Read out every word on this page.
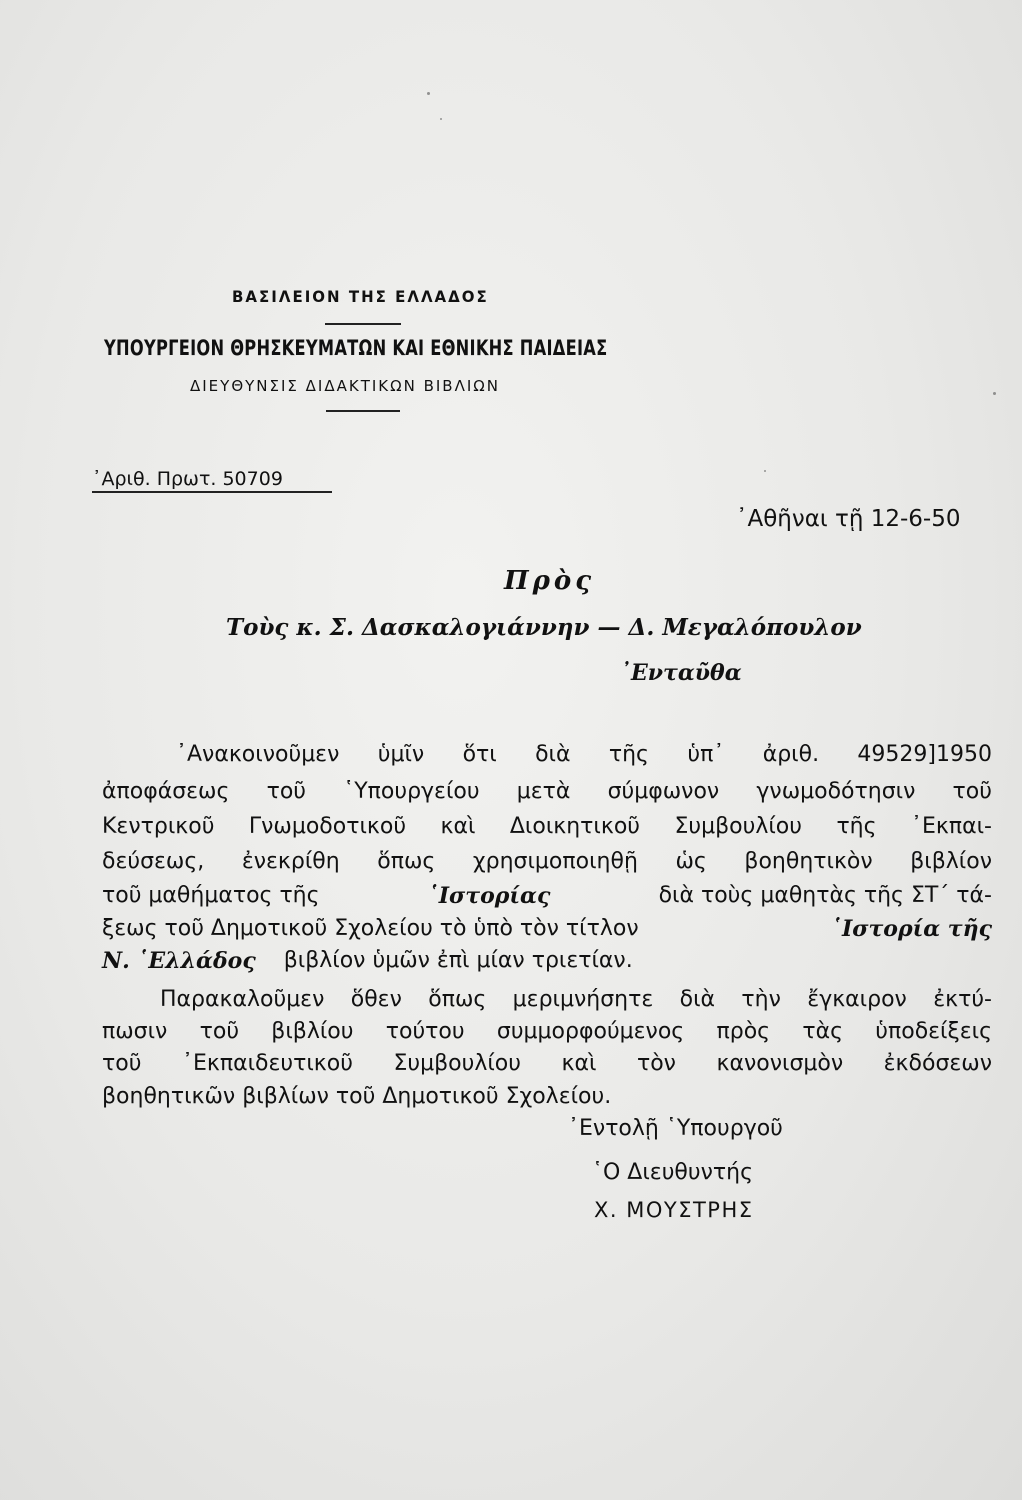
ΒΑΣΙΛΕΙΟΝ ΤΗΣ ΕΛΛΑΔΟΣ
ΥΠΟΥΡΓΕΙΟΝ ΘΡΗΣΚΕΥΜΑΤΩΝ ΚΑΙ ΕΘΝΙΚΗΣ ΠΑΙΔΕΙΑΣ
ΔΙΕΥΘΥΝΣΙΣ ΔΙΔΑΚΤΙΚΩΝ ΒΙΒΛΙΩΝ
᾿Αριθ. Πρωτ. 50709
᾿Αθῆναι τῇ 12-6-50
Πρὸς
Τοὺς κ. Σ. Δασκαλογιάννην — Δ. Μεγαλόπουλον
᾿Ενταῦθα
᾿Ανακοινοῦμεν ὑμῖν ὅτι διὰ τῆς ὑπ᾿ ἀριθ. 49529]1950
ἀποφάσεως τοῦ ῾Υπουργείου μετὰ σύμφωνον γνωμοδότησιν τοῦ
Κεντρικοῦ Γνωμοδοτικοῦ καὶ Διοικητικοῦ Συμβουλίου τῆς ᾿Εκπαι-
δεύσεως, ἐνεκρίθη ὅπως χρησιμοποιηθῇ ὡς βοηθητικὸν βιβλίον
τοῦ μαθήματος τῆς	῾Ιστορίας	διὰ τοὺς μαθητὰς τῆς ΣΤ΄ τά-
ξεως τοῦ Δημοτικοῦ Σχολείου τὸ ὑπὸ τὸν τίτλον	῾Ιστορία τῆς
Ν. ῾Ελλάδος βιβλίον ὑμῶν ἐπὶ μίαν τριετίαν.
Παρακαλοῦμεν ὅθεν ὅπως μεριμνήσητε διὰ τὴν ἔγκαιρον ἐκτύ-
πωσιν τοῦ βιβλίου τούτου συμμορφούμενος πρὸς τὰς ὑποδείξεις
τοῦ ᾿Εκπαιδευτικοῦ Συμβουλίου καὶ τὸν κανονισμὸν ἐκδόσεων
βοηθητικῶν βιβλίων τοῦ Δημοτικοῦ Σχολείου.
᾿Εντολῇ ῾Υπουργοῦ
῾Ο Διευθυντής
Χ. ΜΟΥΣΤΡΗΣ
